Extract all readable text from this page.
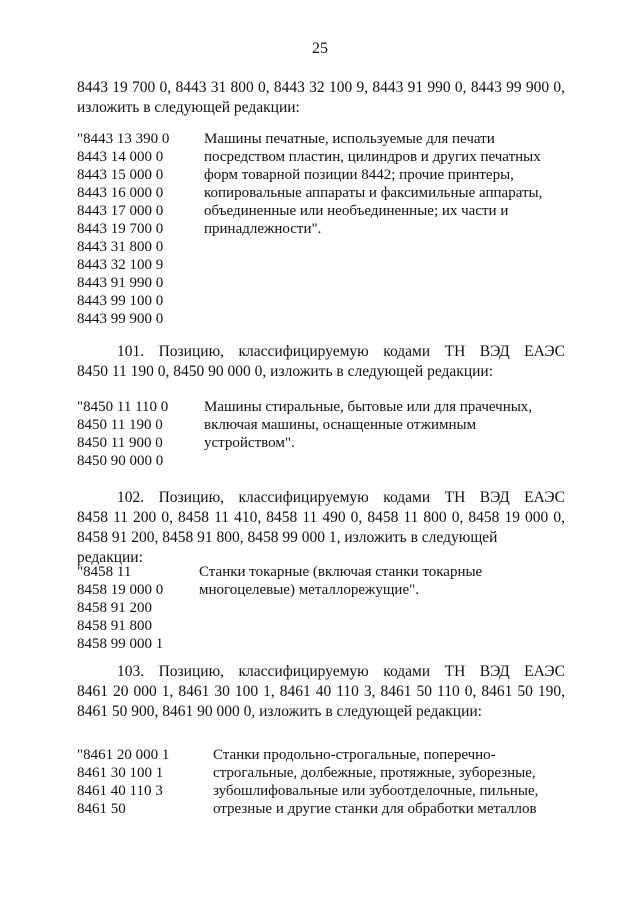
25
8443 19 700 0, 8443 31 800 0, 8443 32 100 9, 8443 91 990 0, 8443 99 900 0,
изложить в следующей редакции:
"8443 13 390 0
8443 14 000 0
8443 15 000 0
8443 16 000 0
8443 17 000 0
8443 19 700 0
8443 31 800 0
8443 32 100 9
8443 91 990 0
8443 99 100 0
8443 99 900 0
Машины печатные, используемые для печати
посредством пластин, цилиндров и других печатных
форм товарной позиции 8442; прочие принтеры,
копировальные аппараты и факсимильные аппараты,
объединенные или необъединенные; их части и
принадлежности".
101. Позицию, классифицируемую кодами ТН ВЭД ЕАЭС
8450 11 190 0, 8450 90 000 0, изложить в следующей редакции:
"8450 11 110 0
8450 11 190 0
8450 11 900 0
8450 90 000 0
Машины стиральные, бытовые или для прачечных,
включая машины, оснащенные отжимным
устройством".
102. Позицию, классифицируемую кодами ТН ВЭД ЕАЭС
8458 11 200 0, 8458 11 410, 8458 11 490 0, 8458 11 800 0, 8458 19 000 0,
8458 91 200, 8458 91 800, 8458 99 000 1, изложить в следующей редакции:
"8458 11
8458 19 000 0
8458 91 200
8458 91 800
8458 99 000 1
Станки токарные (включая станки токарные
многоцелевые) металлорежущие".
103. Позицию, классифицируемую кодами ТН ВЭД ЕАЭС
8461 20 000 1, 8461 30 100 1, 8461 40 110 3, 8461 50 110 0, 8461 50 190,
8461 50 900, 8461 90 000 0, изложить в следующей редакции:
"8461 20 000 1
8461 30 100 1
8461 40 110 3
8461 50
Станки продольно-строгальные, поперечно-
строгальные, долбежные, протяжные, зуборезные,
зубошлифовальные или зубоотделочные, пильные,
отрезные и другие станки для обработки металлов
